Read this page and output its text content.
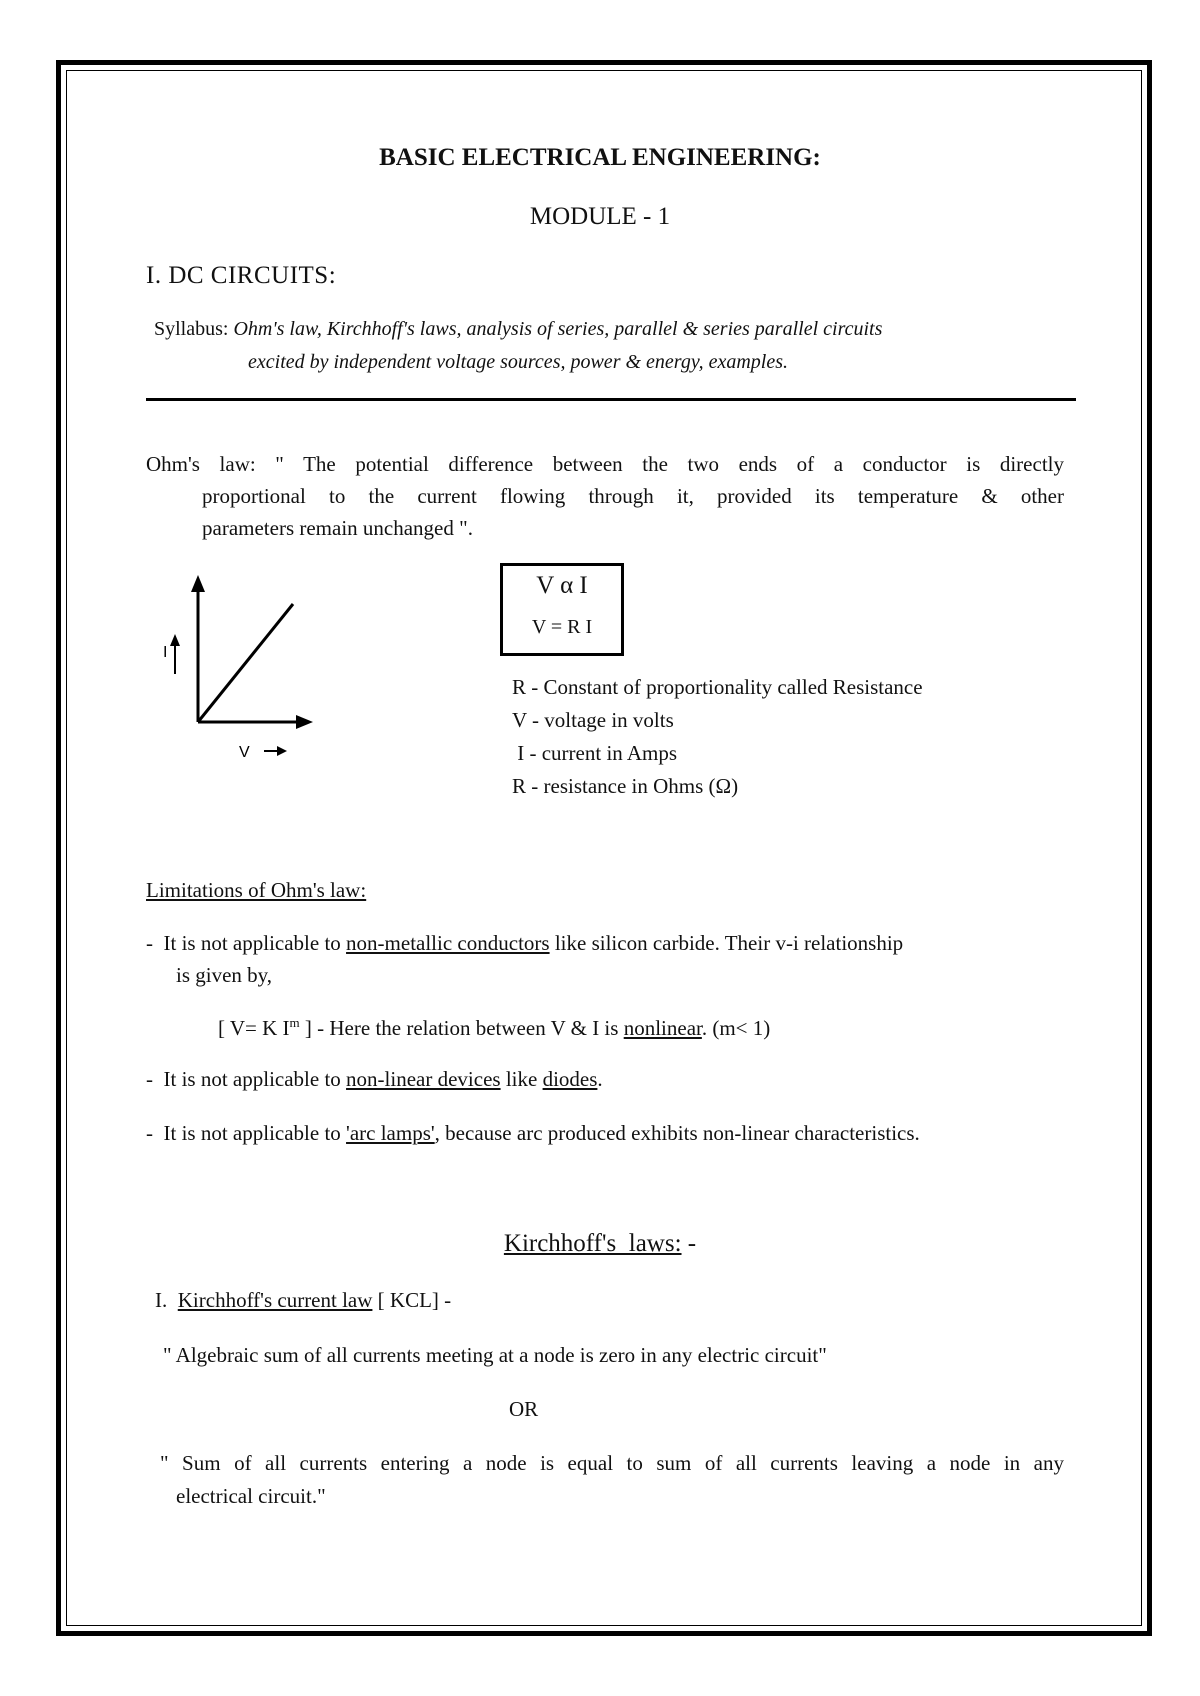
BASIC ELECTRICAL ENGINEERING:
MODULE - 1
I. DC CIRCUITS:
Syllabus: Ohm's law, Kirchhoff's laws, analysis of series, parallel & series parallel circuits
excited by independent voltage sources, power & energy, examples.
Ohm's law: " The potential difference between the two ends of a conductor is directly
proportional to the current flowing through it, provided its temperature & other
parameters remain unchanged ".
I
V
V α I
V = R I
R - Constant of proportionality called Resistance
V - voltage in volts
I - current in Amps
R - resistance in Ohms (Ω)
Limitations of Ohm's law:
-  It is not applicable to non-metallic conductors like silicon carbide. Their v-i relationship
is given by,
[ V= K $I^m$ ] - Here the relation between V & I is nonlinear. (m< 1)
-  It is not applicable to non-linear devices like diodes.
-  It is not applicable to 'arc lamps', because arc produced exhibits non-linear characteristics.
Kirchhoff's  laws: -
I.  Kirchhoff's current law [ KCL] -
" Algebraic sum of all currents meeting at a node is zero in any electric circuit"
OR
" Sum of all currents entering a node is equal to sum of all currents leaving a node in any
electrical circuit."
